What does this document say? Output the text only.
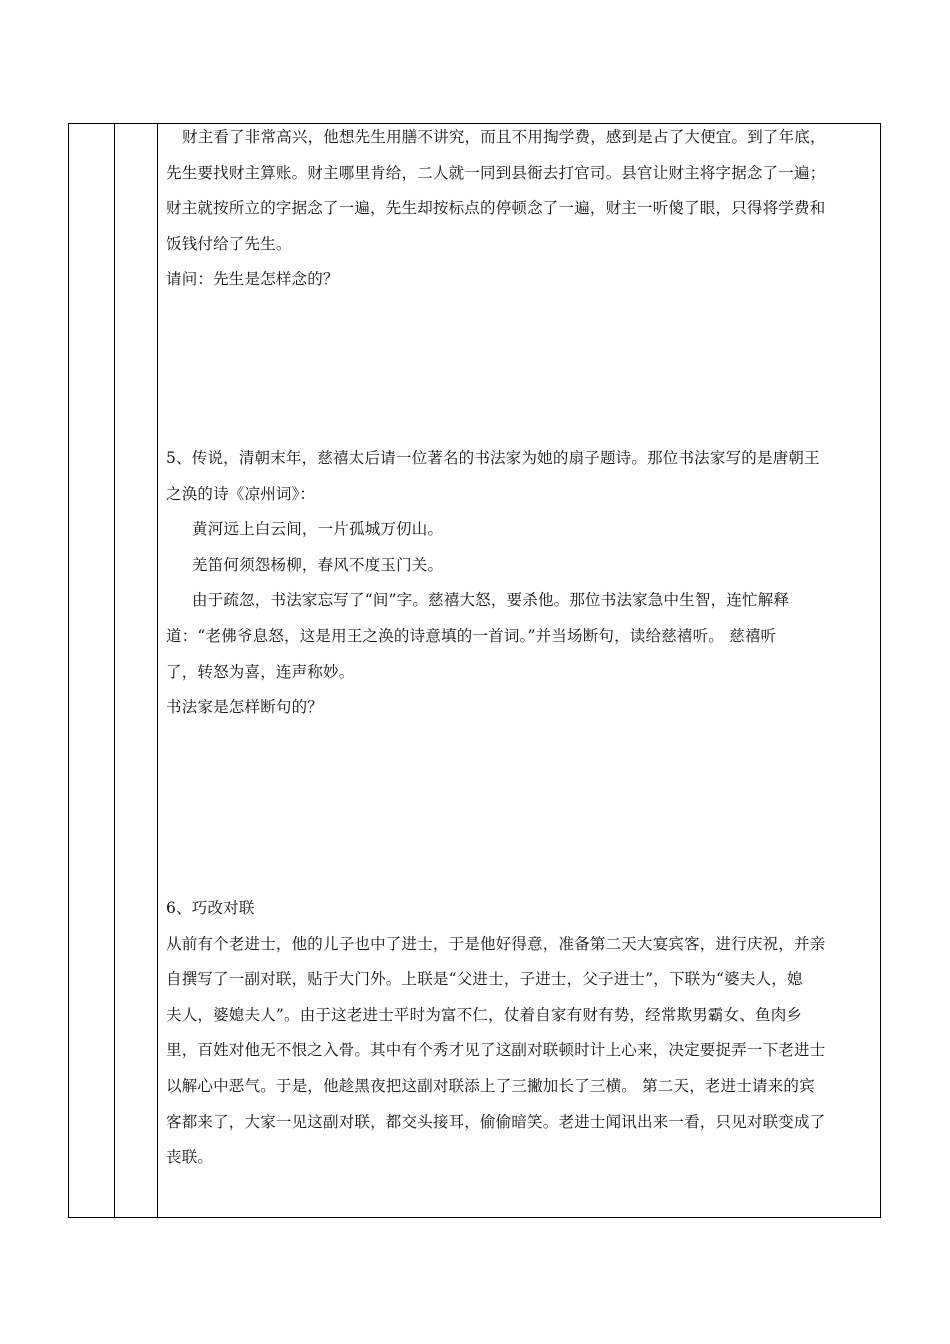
财主看了非常高兴，他想先生用膳不讲究，而且不用掏学费，感到是占了大便宜。到了年底，
先生要找财主算账。财主哪里肯给，二人就一同到县衙去打官司。县官让财主将字据念了一遍；
财主就按所立的字据念了一遍，先生却按标点的停顿念了一遍，财主一听傻了眼，只得将学费和
饭钱付给了先生。
请问：先生是怎样念的？
5、传说，清朝末年，慈禧太后请一位著名的书法家为她的扇子题诗。那位书法家写的是唐朝王
之涣的诗《凉州词》：
黄河远上白云间，一片孤城万仞山。
羌笛何须怨杨柳，春风不度玉门关。
由于疏忽，书法家忘写了“间”字。慈禧大怒，要杀他。那位书法家急中生智，连忙解释
道：“老佛爷息怒，这是用王之涣的诗意填的一首词。”并当场断句，读给慈禧听。 慈禧听
了，转怒为喜，连声称妙。
书法家是怎样断句的？
6、巧改对联
从前有个老进士，他的儿子也中了进士，于是他好得意，准备第二天大宴宾客，进行庆祝，并亲
自撰写了一副对联，贴于大门外。上联是“父进士，子进士，父子进士”，下联为“婆夫人，媳
夫人，婆媳夫人”。由于这老进士平时为富不仁，仗着自家有财有势，经常欺男霸女、鱼肉乡
里，百姓对他无不恨之入骨。其中有个秀才见了这副对联顿时计上心来，决定要捉弄一下老进士
以解心中恶气。于是，他趁黑夜把这副对联添上了三撇加长了三横。 第二天，老进士请来的宾
客都来了，大家一见这副对联，都交头接耳，偷偷暗笑。老进士闻讯出来一看，只见对联变成了
丧联。
